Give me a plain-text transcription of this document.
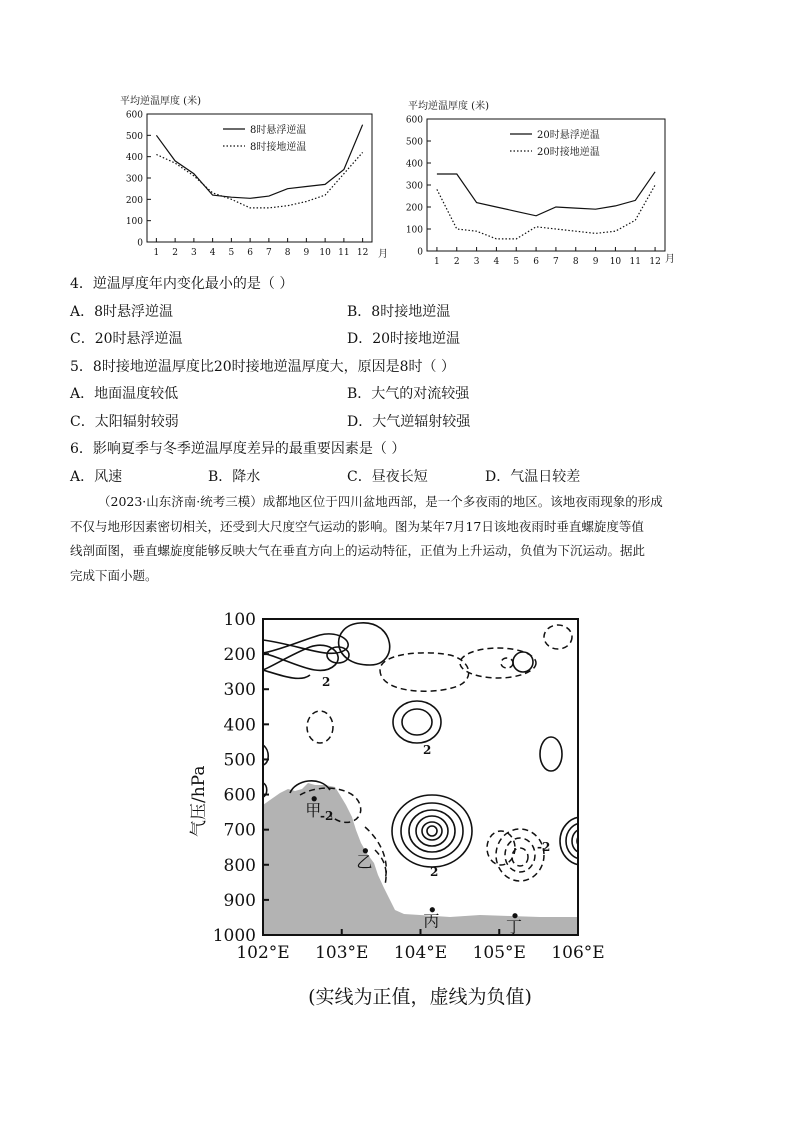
平均逆温厚度 (米)
0
100
200
300
400
500
600
1 2 3 4 5 6 7 8 9 10 11 12
8时悬浮逆温
8时接地逆温
月
平均逆温厚度 (米)
0
100
200
300
400
500
600
1 2 3 4 5 6 7 8 9 10 11 12
20时悬浮逆温
20时接地逆温
月
4．逆温厚度年内变化最小的是（ ）
A．8时悬浮逆温	B．8时接地逆温
C．20时悬浮逆温	D．20时接地逆温
5．8时接地逆温厚度比20时接地逆温厚度大，原因是8时（ ）
A．地面温度较低	B．大气的对流较强
C．太阳辐射较弱	D．大气逆辐射较强
6．影响夏季与冬季逆温厚度差异的最重要因素是（ ）
A．风速	B．降水	C．昼夜长短	D．气温日较差

（2023·山东济南·统考三模）成都地区位于四川盆地西部，是一个多夜雨的地区。该地夜雨现象的形成

不仅与地形因素密切相关，还受到大尺度空气运动的影响。图为某年7月17日该地夜雨时垂直螺旋度等值

线剖面图，垂直螺旋度能够反映大气在垂直方向上的运动特征，正值为上升运动，负值为下沉运动。据此

完成下面小题。

100
200
300
400
500
600
700
800
900
1000
102°E 103°E 104°E 105°E 106°E
2
2
-2
2
-2
甲
乙
丙	丁
气压/hPa
(实线为正值，虚线为负值)
